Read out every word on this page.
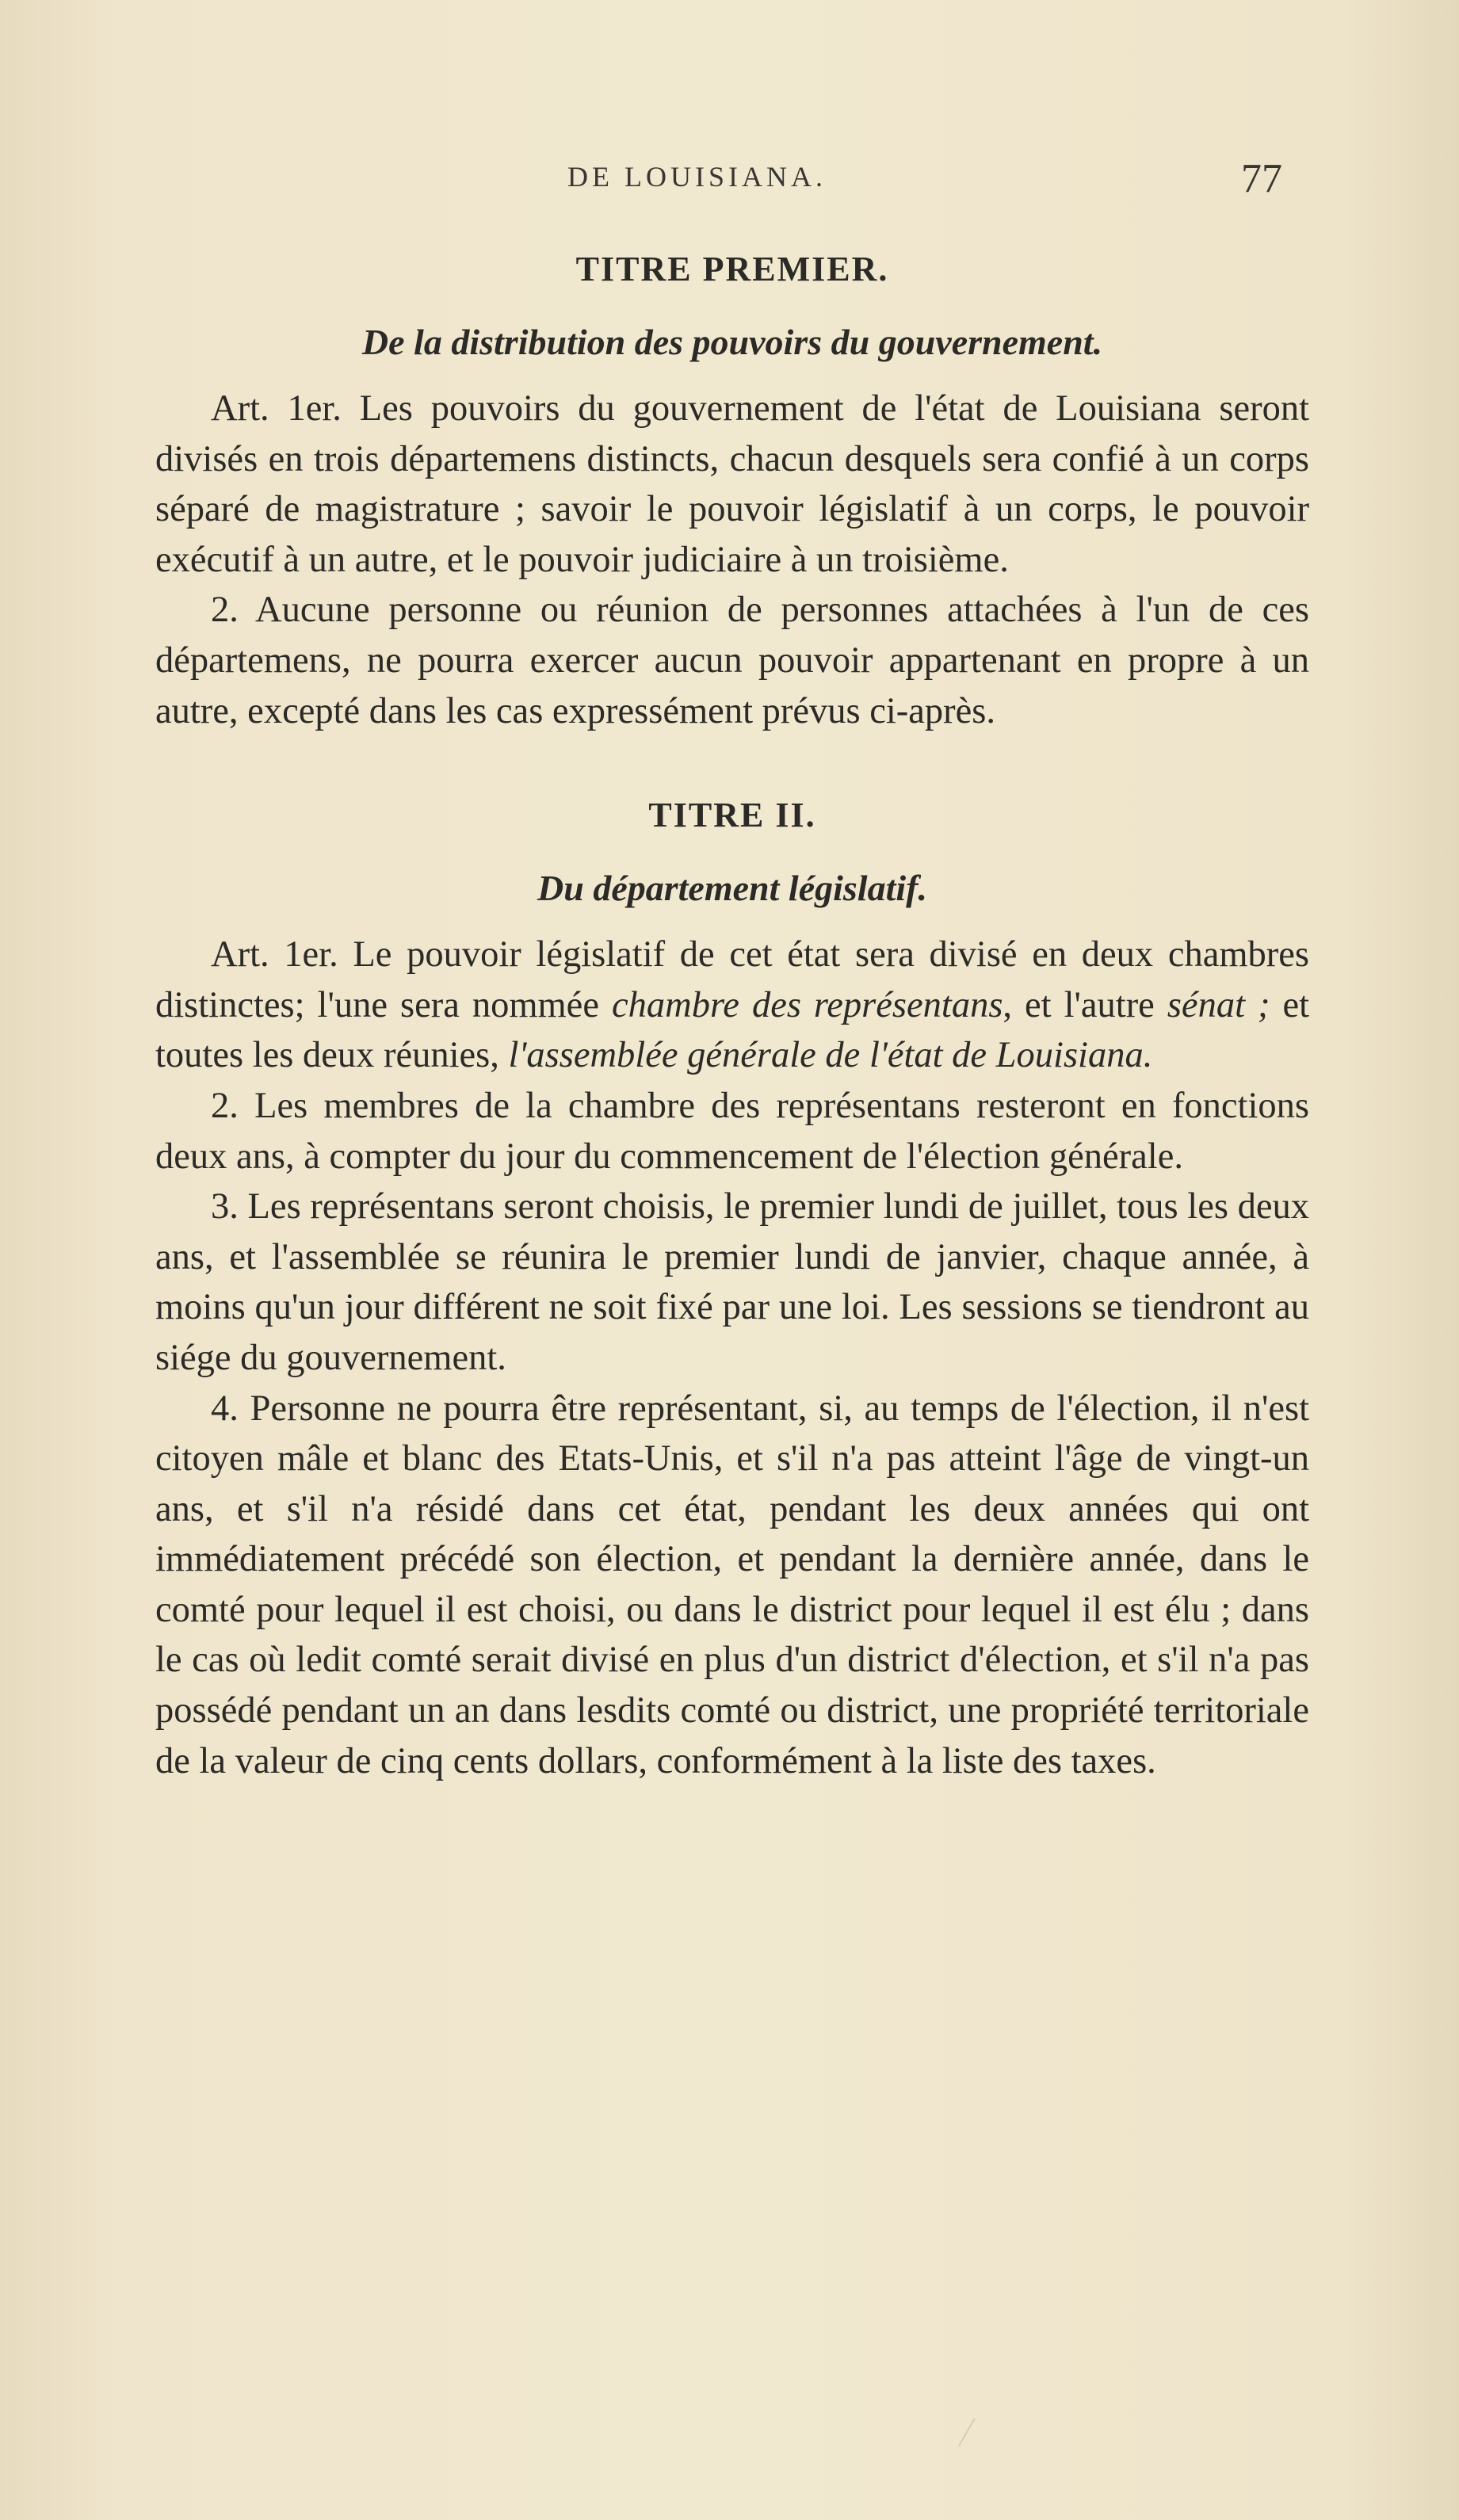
DE LOUISIANA.	77
TITRE PREMIER.
De la distribution des pouvoirs du gouvernement.

Art. 1er. Les pouvoirs du gouvernement de l'état de Louisiana seront divisés en trois départemens distincts, chacun desquels sera confié à un corps séparé de magistrature ; savoir le pouvoir législatif à un corps, le pouvoir exécutif à un autre, et le pouvoir judiciaire à un troisième.

2. Aucune personne ou réunion de personnes attachées à l'un de ces départemens, ne pourra exercer aucun pouvoir appartenant en propre à un autre, excepté dans les cas expressément prévus ci-après.

TITRE II.
Du département législatif.

Art. 1er. Le pouvoir législatif de cet état sera divisé en deux chambres distinctes; l'une sera nommée chambre des représentans, et l'autre sénat ; et toutes les deux réunies, l'assemblée générale de l'état de Louisiana.

2. Les membres de la chambre des représentans resteront en fonctions deux ans, à compter du jour du commencement de l'élection générale.

3. Les représentans seront choisis, le premier lundi de juillet, tous les deux ans, et l'assemblée se réunira le premier lundi de janvier, chaque année, à moins qu'un jour différent ne soit fixé par une loi. Les sessions se tiendront au siége du gouvernement.

4. Personne ne pourra être représentant, si, au temps de l'élection, il n'est citoyen mâle et blanc des Etats-Unis, et s'il n'a pas atteint l'âge de vingt-un ans, et s'il n'a résidé dans cet état, pendant les deux années qui ont immédiatement précédé son élection, et pendant la dernière année, dans le comté pour lequel il est choisi, ou dans le district pour lequel il est élu ; dans le cas où ledit comté serait divisé en plus d'un district d'élection, et s'il n'a pas possédé pendant un an dans lesdits comté ou district, une propriété territoriale de la valeur de cinq cents dollars, conformément à la liste des taxes.
